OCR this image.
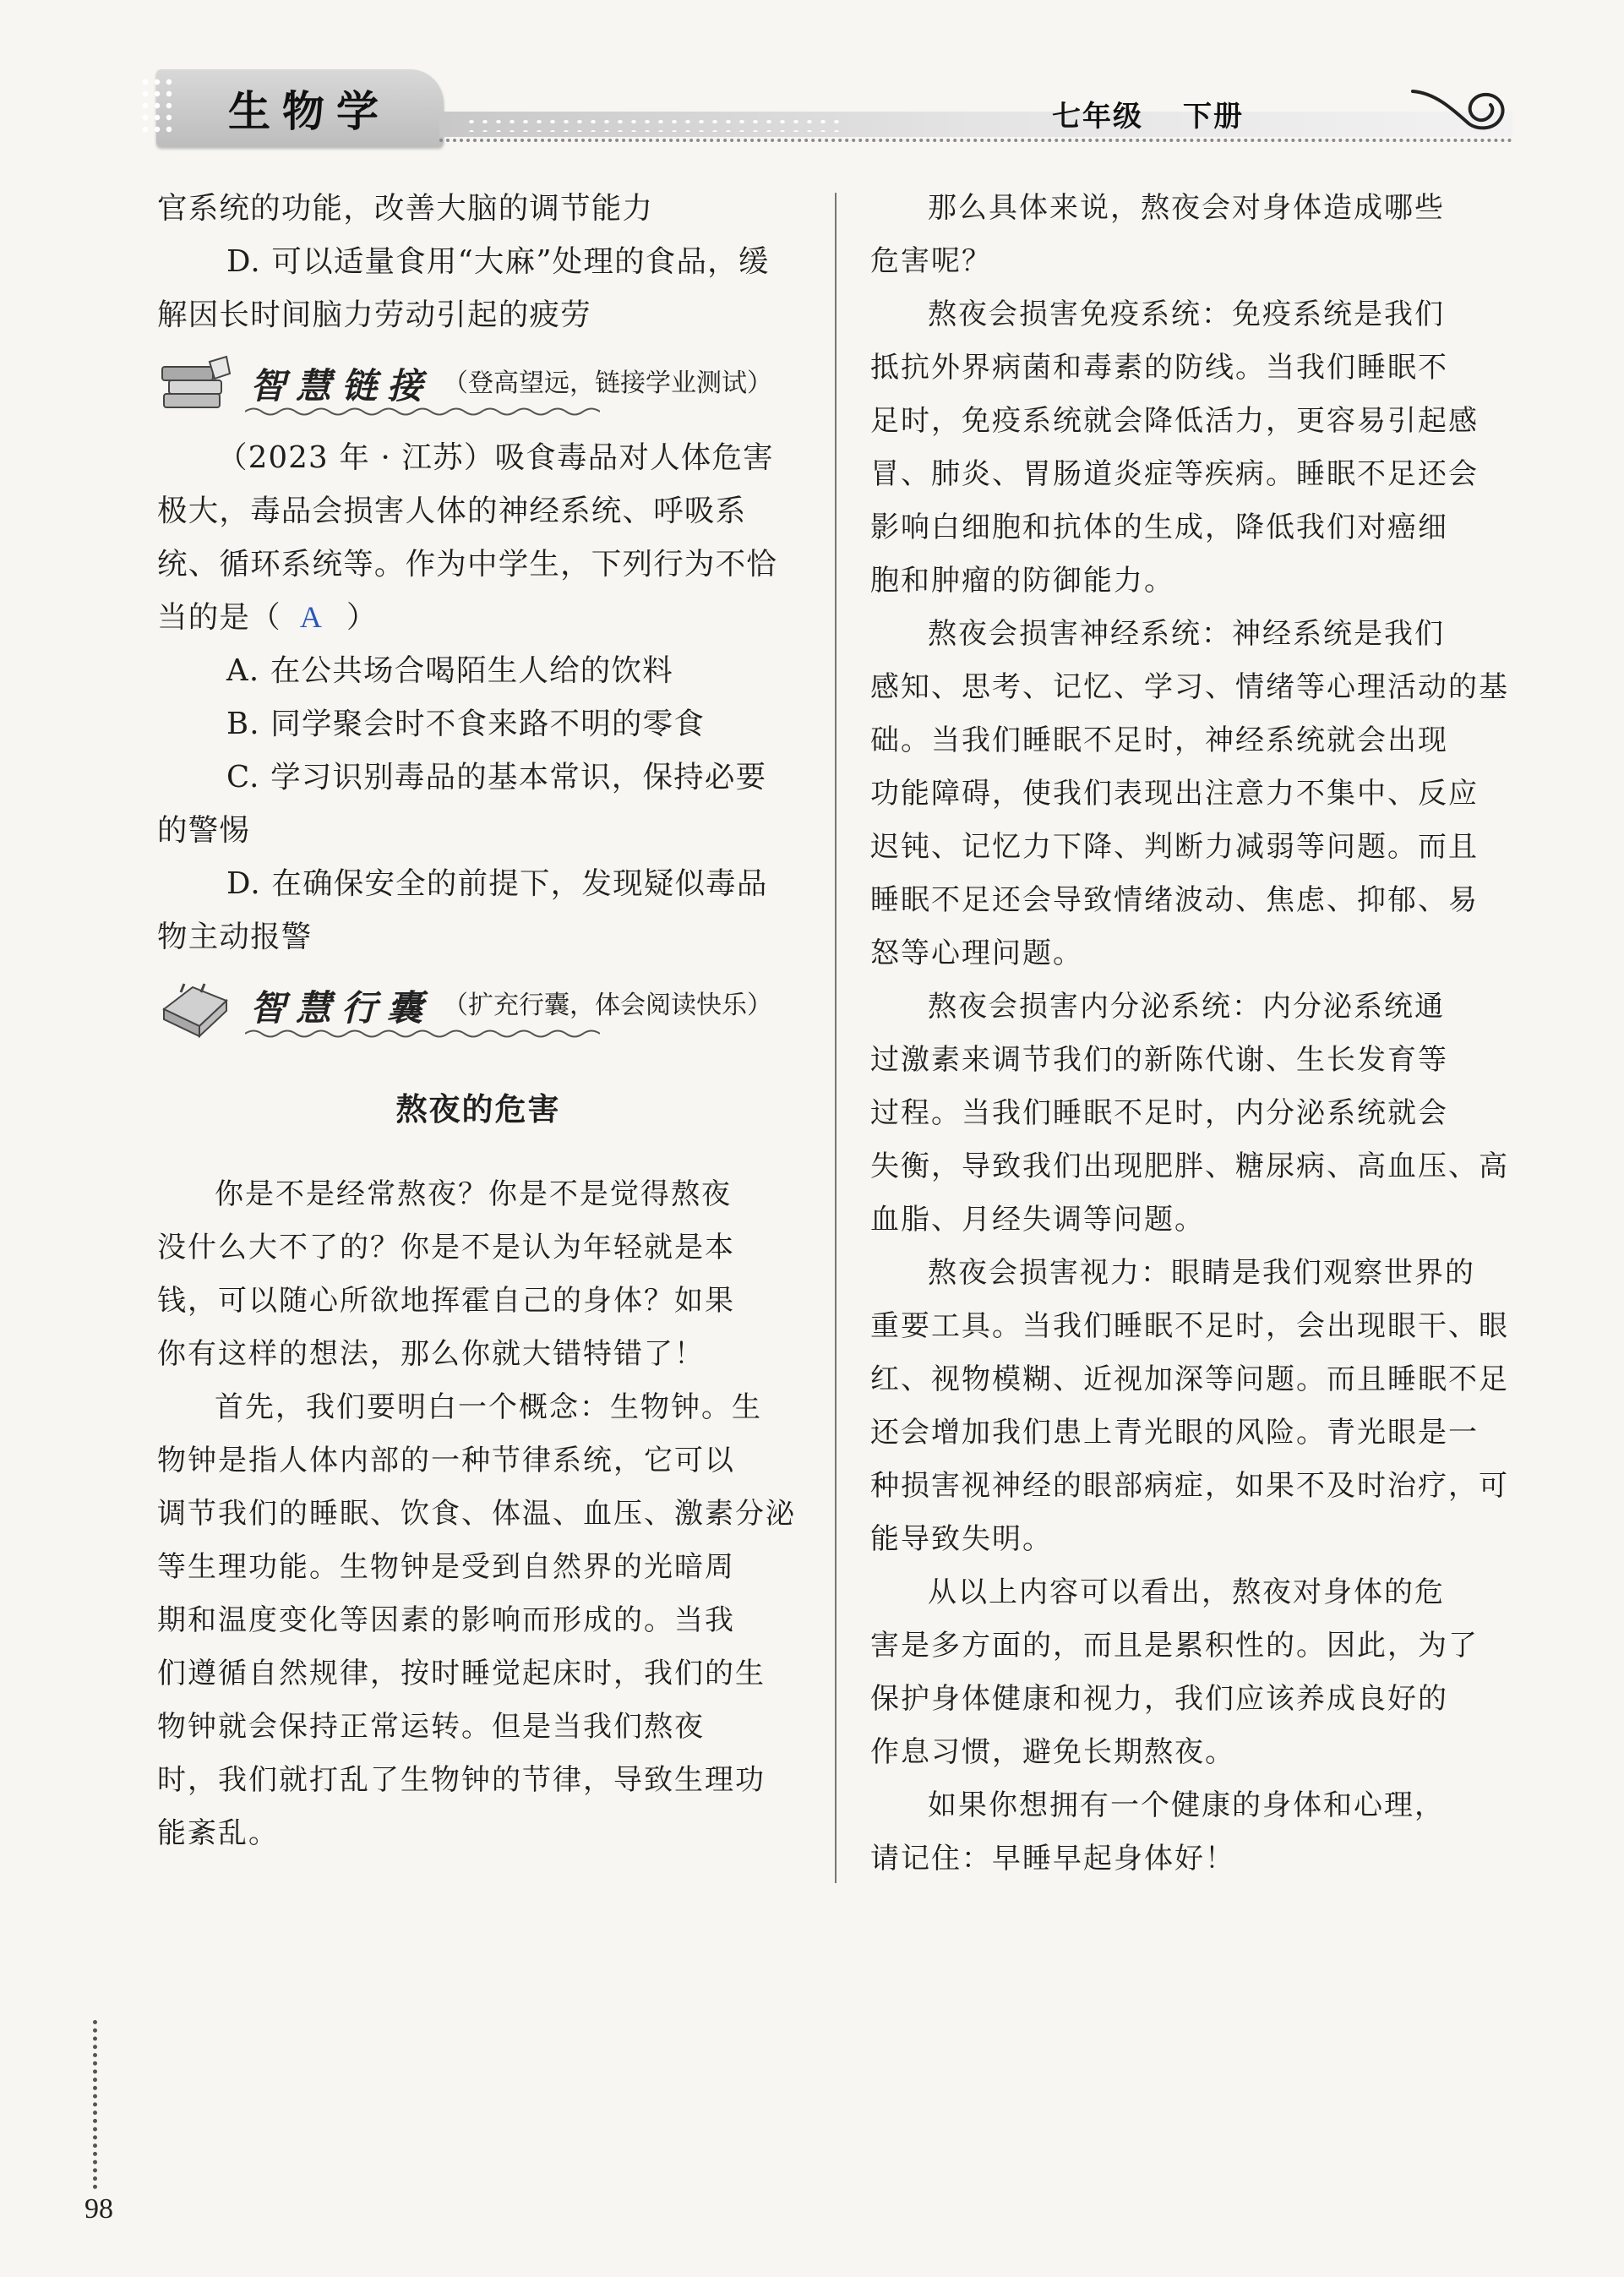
生物学	七年级 下册

官系统的功能，改善大脑的调节能力

D. 可以适量食用“大麻”处理的食品，缓

解因长时间脑力劳动引起的疲劳

智慧链接 （登高望远，链接学业测试）

（2023 年 · 江苏）吸食毒品对人体危害

极大，毒品会损害人体的神经系统、呼吸系

统、循环系统等。作为中学生，下列行为不恰

当的是（ A ）

A. 在公共场合喝陌生人给的饮料

B. 同学聚会时不食来路不明的零食

C. 学习识别毒品的基本常识，保持必要

的警惕

D. 在确保安全的前提下，发现疑似毒品

物主动报警

智慧行囊 （扩充行囊，体会阅读快乐）
熬夜的危害

你是不是经常熬夜？你是不是觉得熬夜

没什么大不了的？你是不是认为年轻就是本

钱，可以随心所欲地挥霍自己的身体？如果

你有这样的想法，那么你就大错特错了！

首先，我们要明白一个概念：生物钟。生

物钟是指人体内部的一种节律系统，它可以

调节我们的睡眠、饮食、体温、血压、激素分泌

等生理功能。生物钟是受到自然界的光暗周

期和温度变化等因素的影响而形成的。当我

们遵循自然规律，按时睡觉起床时，我们的生

物钟就会保持正常运转。但是当我们熬夜

时，我们就打乱了生物钟的节律，导致生理功

能紊乱。

那么具体来说，熬夜会对身体造成哪些

危害呢？

熬夜会损害免疫系统：免疫系统是我们

抵抗外界病菌和毒素的防线。当我们睡眠不

足时，免疫系统就会降低活力，更容易引起感

冒、肺炎、胃肠道炎症等疾病。睡眠不足还会

影响白细胞和抗体的生成，降低我们对癌细

胞和肿瘤的防御能力。

熬夜会损害神经系统：神经系统是我们

感知、思考、记忆、学习、情绪等心理活动的基

础。当我们睡眠不足时，神经系统就会出现

功能障碍，使我们表现出注意力不集中、反应

迟钝、记忆力下降、判断力减弱等问题。而且

睡眠不足还会导致情绪波动、焦虑、抑郁、易

怒等心理问题。

熬夜会损害内分泌系统：内分泌系统通

过激素来调节我们的新陈代谢、生长发育等

过程。当我们睡眠不足时，内分泌系统就会

失衡，导致我们出现肥胖、糖尿病、高血压、高

血脂、月经失调等问题。

熬夜会损害视力：眼睛是我们观察世界的

重要工具。当我们睡眠不足时，会出现眼干、眼

红、视物模糊、近视加深等问题。而且睡眠不足

还会增加我们患上青光眼的风险。青光眼是一

种损害视神经的眼部病症，如果不及时治疗，可

能导致失明。

从以上内容可以看出，熬夜对身体的危

害是多方面的，而且是累积性的。因此，为了

保护身体健康和视力，我们应该养成良好的

作息习惯，避免长期熬夜。

如果你想拥有一个健康的身体和心理，

请记住：早睡早起身体好！

98
